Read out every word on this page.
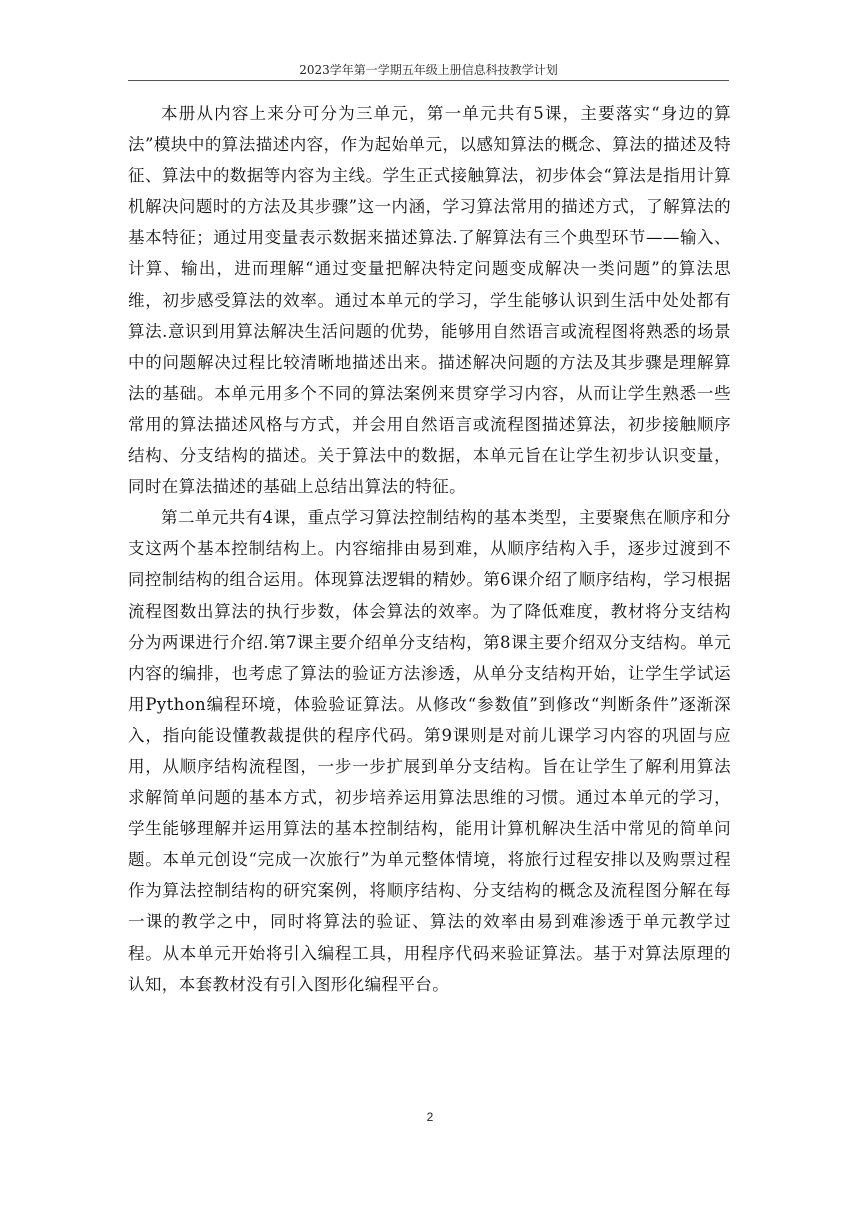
2023学年第一学期五年级上册信息科技教学计划

本册从内容上来分可分为三单元，第一单元共有5课，主要落实“身边的算法”模块中的算法描述内容，作为起始单元，以感知算法的概念、算法的描述及特征、算法中的数据等内容为主线。学生正式接触算法，初步体会“算法是指用计算机解决问题时的方法及其步骤”这一内涵，学习算法常用的描述方式，了解算法的基本特征；通过用变量表示数据来描述算法.了解算法有三个典型环节——输入、计算、输出，进而理解“通过变量把解决特定问题变成解决一类问题”的算法思维，初步感受算法的效率。通过本单元的学习，学生能够认识到生活中处处都有算法.意识到用算法解决生活问题的优势，能够用自然语言或流程图将熟悉的场景中的问题解决过程比较清晰地描述出来。描述解决问题的方法及其步骤是理解算法的基础。本单元用多个不同的算法案例来贯穿学习内容，从而让学生熟悉一些常用的算法描述风格与方式，并会用自然语言或流程图描述算法，初步接触顺序结构、分支结构的描述。关于算法中的数据，本单元旨在让学生初步认识变量，同时在算法描述的基础上总结出算法的特征。

第二单元共有4课，重点学习算法控制结构的基本类型，主要聚焦在顺序和分支这两个基本控制结构上。内容缩排由易到难，从顺序结构入手，逐步过渡到不同控制结构的组合运用。体现算法逻辑的精妙。第6课介绍了顺序结构，学习根据流程图数出算法的执行步数，体会算法的效率。为了降低难度，教材将分支结构分为两课进行介绍.第7课主要介绍单分支结构，第8课主要介绍双分支结构。单元内容的编排，也考虑了算法的验证方法渗透，从单分支结构开始，让学生学试运用Python编程环境，体验验证算法。从修改“参数值”到修改“判断条件”逐渐深入，指向能设懂教裁提供的程序代码。第9课则是对前儿课学习内容的巩固与应用，从顺序结构流程图，一步一步扩展到单分支结构。旨在让学生了解利用算法求解简单问题的基本方式，初步培养运用算法思维的习惯。通过本单元的学习，学生能够理解并运用算法的基本控制结构，能用计算机解决生活中常见的简单问题。本单元创设“完成一次旅行”为单元整体情境，将旅行过程安排以及购票过程作为算法控制结构的研究案例，将顺序结构、分支结构的概念及流程图分解在每一课的教学之中，同时将算法的验证、算法的效率由易到难渗透于单元教学过程。从本单元开始将引入编程工具，用程序代码来验证算法。基于对算法原理的认知，本套教材没有引入图形化编程平台。

2
